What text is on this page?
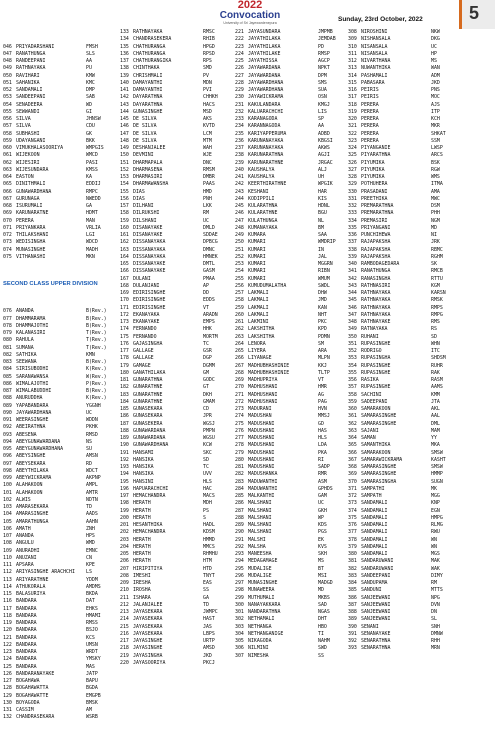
2022
Convocation
University of Sri Jayewardenepura	Sunday, 23rd October, 2022	5

046 PRIYADARSHANI	FMSH
047 RANATHUNGA	SLS
048 RANDEEPANI	AA
049 RATHNAYAKA	PU
050 RAVIHARI	KMW
051 SAHANIKA	KMC
052 SANDAMALI	DMP
053 SANDEEPANI	SAB
054 SENADEERA	WD
055 SEWWANDI	GI
056 SILVA	JHNSW
057 SILVA	CDU
058 SUBHASHI	GK
059 UDAYANGANI	BKK
060 VIMUKHALASOORIYA	WMPGIS
061 WIJEKOON	WMCD
062 WIJESIRI	PASI
063 WIJESUNDARA	KMSS
064 EASTON	KA
065 DINITHMALI	EDDIJ
066 GUNAWARDHANA	RMPC
067 GURUNAGA	NWEDD
068 ISURUMALI	GA
069 KARUNARATNE	HDMT
070 PERERA	MAN
071 PRIYANKARA	VRLIA
072 THILAKSHANI	LGI
073 WEDISINGHA	WDCD
074 MUNASINGHE	MADH
075 VITHANASHI	MKN

SECOND CLASS UPPER DIVISION

076 ANANDA	B(Rev.)
077 DHAMMARAMA	B(Rev.)
078 DHAMMAJOTHI	B(Rev.)
079 KALANASIRI	T(Rev.)
080 RAHULA	T(Rev.)
081 SUMANA	T(Rev.)
082 SATHIKA	KMN
083 SEEWANA	B(Rev.)
084 SIRISUBODHI	K(Rev.)
085 SARANAWANSA	W(Rev.)
086 WIMALAJOTHI	P(Rev.)
087 WIMALABUDDHI	B(Rev.)
088 ANURUDDHA	K(Rev.)
089 YAPABANDARA	YGGNH
090 JAYAWARDHANA	UC
091 WEERASINGHE	WDDN
092 ABEIRATHNA	PKHK
093 ABESENA	RMSD
094 ABEYGUNAWARDANA	NS
095 ABEYGUNAWARDHANA	SU
096 ABEYSINGHE	AMSN
097 ABEYSEKARA	RD
098 ABEYTHILAKA	WDCT
099 ABEYWICKRAMA	AKPNP
100 ALAHAKOON	AMPL
101 ALAHAKOON	AMTR
102 ALWIS	NDTN
103 AMARASEKARA	TD
104 AMARASINGHE	AADS
105 AMARATHUNGA	AAHN
106 AMATH	ZNH
107 ANANDA	HPS
108 ANGULU	WMD
109 ANURADHI	EMNC
110 ANUZANI	CN
111 APSARA	KPE
112 ARIYASINGHE ARACHCHI LS
113 ARIYARATHNE	YDDM
114 ATHUKORALA	AMDMS
115 BALASURIYA	BKDA
116 BANDARA	DAT
117 BANDARA	EHKS
118 BANDARA	HMAMI
119 BANDARA	RMSS
120 BANDARA	BSJO
121 BANDARA	KCS
122 BANDARA	UMSN
123 BANDARA	WRDT
124 BANDARA	YMSKY
125 BANDARA	MAS
126 BANDARANAYAKE	JATP
127 BOGAHAWA	BAPU
128 BOGAHAWATTA	BGDA
129 BOGAHAWATTE	EMGPB
130 BOYAGODA	BMSK
131 CASSIM	AM
132 CHANDRASEKARA	WSRB

133 RATHNAYAKA	RMSC
134 CHANDRASEKERA	RHIB
135 CHATHURANGA	HPGD
136 CHATHURANGA	RPSD
137 CHATHURANGIKA	RPS
138 CHINTHAKA	SMD
139 CHRISHMALI	PV
140 DAMAYANTHI	MDN
141 DAMAYANTHI	PVI
142 DAYARATHNA	CHHKH
143 DAYARATHNA	HACS
144 GUNASINGHE	MSD
145 DE SILVA	AKS
146 DE SILVA	KVTD
147 DE SILVA	LCM
148 DE SILVA	MTM
149 DESHANJALEE	WAH
150 DEVMINI	WJE
151 DHARMAPALA	DNC
152 DHARMASENA	RMSM
153 DHARMASIRI	DMBR
154 DHARMAWANSHA	PAAS
155 DIAS	HMD
156 DIAS	PNH
157 DILHANI	LKK
158 DILRUKSHI	RM
159 DILSHANI	UC
160 DISANAYAKE	DMLD
161 DISANAYAKE	SDDAE
162 DISSANAYAKA	DPBCG
163 DISSANAYAKA	DMNC
164 DISSANAYAKA	HMNEK
165 DISSANAYAKE	DMTL
166 DISSANAYAKE	GASM
167 DULANI	PMAA
168 DULANJANI	AP
169 EDIRISINGHE	DD
170 EDIRISINGHE	EDDS
171 EDIRISINGHE	VT
172 EKANAYAKA	ARADN
173 EKANAYAKE	EMPS
174 FERNANDO	HHK
175 FERNANDO	MORTM
176 GAJASINGHA	TC
177 GALLAGE	GSR
178 GALLAGE	DGP
179 GAMAGE	DGMM
180 GANATHILAKA	GM
181 GUNARATHNA	GODC
182 GUNARATHNE	GT
183 GUNARATHNE	DKH
184 GUNARATHNE	GMAM
185 GUNASEKARA	CD
186 GUNASEKARA	JPR
187 GUNASEKERA	WGSJ
188 GUNAWARDANA	PMPN
189 GUNAWARDANA	WGSU
190 GUNAWARDHANA	KCW
191 HANSAMI	SKC
192 HANSIKA	SD
193 HANSIKA	TC
194 HANSIKA	UVV
195 HANSINI	HLS
196 HAPUARACHCHI	HAC
197 HEMACHANDRA	MACS
198 HERATH	MDH
199 HERATH	PS
200 HERATH	S
201 HESANTHIKA	HADL
202 HEMACHANDRA	KDSM
203 HERATH	HMMD
204 HERATH	MMCS
205 HERATH	RHMHU
206 HERATH	HTM
207 HIRIPITIYA	HTD
208 IMESHI	TNYT
209 IRESHA	EAS
210 IROSHA	SS
211 ISHARA	GA
212 JALANJALEE	TD
213 JAYASEKARA	JWMPC
214 JAYASEKARA	HAST
215 JAYASEKARA	JAS
216 JAYASEKARA	LBPS
217 JAYASINGHE	URTP
218 JAYASINGHE	AMSD
219 JAYASINGHA	JKD
220 JAYASOORIYA	PKCJ
221 JAYASUNDARA	JMPMB
222 JAYATHILAKA	JEMDAB
223 JAYATHILAKA	PD
224 JAYATHILAKE	RMSP
225 JAYATHISSA	AGCP
226 JAYAWARDANA	NPKT
227 JAYAWARDANA	DPM
228 JAYAWARDHANA	SMS
229 JAYAWARDHANA	SUA
230 JAYAWICKRAMA	OSN
231 KAKULANDARA	KMGJ
232 KALUARACHCHI	LIS
233 KARANAGODA	SP
234 KARANNAGODA	AA
235 KARIYAPPERUMA	ADBD
236 KARUNANAYAKA	KBGSI
237 KARUNANAYAKA	AKWS
238 KARUNARATHNA	AGJI
239 KARUNARATHNE	JRGAC
240 KAUSHALYA	ALJ
241 KAUSHALYA	UH
242 KEERTHIRATHNE	WPGIK
243 KESHANI	HAR
244 KODIPPILI	KIS
245 KULARATHNA	HDNL
246 KULARATHNE	BGU
247 KULATHUNGA	NL
248 KUMANAYAKA	BM
249 KUMARA	SAA
250 KUMARI	WMDRIP
251 KUMARI	IN
252 KUMARI	JAL
253 KUMARI	MGGRN
254 KUMARI	RIBN
255 KUMARI	WMUM
256 KUMUDUMALATHA	SWDL
257 LAKMALI	DHW
258 LAKMALI	JMD
259 LAKMALI	KAN
260 LAKMALI	NHT
261 LAKMINI	PKC
262 LAKSHITHA	KPD
263 LAKSHITHA	PDMN
264 LENORA	SM
265 LIYERA	ARA
266 LIYANAGE	MLPN
267 MADHUBHASHINIE	KKJ
268 MADHUBHASHINIE	TLTP
269 MADHUPRIYA	VT
270 MADHUSHANI	HMR
271 MADHUSHANI	AG
272 MADHUSHANI	PAG
273 MADURANI	HVN
274 MADUSHAN	MMSJ
275 MADUSHANI	GD
276 MADUSHANI	HAS
277 MADUSHANI	HLS
278 MADUSHANI	LDA
279 MADUSHANI	PKA
280 MADUSHANI	RI
281 MADUSHANI	SADP
282 MADUSHANKA	RMR
283 MADUWANTHI	ASM
284 MADUWANTHI	GPHDS
285 MALKANTHI	GAM
286 MALSHANI	UC
287 MALSHANI	GKH
288 MALSHANI	WP
289 MALSHANI	KDS
290 MALSHANI	PGS
291 MALSHI	EK
292 MALSHA	KVS
293 MANEESHA	SKH
294 MEDAGAMAGE	MS
295 MUDALIGE	BT
296 MUDALIGE	MSI
297 MUNASINGHE	MADGD
298 MUNAWEERA	MD
299 MUTHUMALI	MKBS
300 NANAYAKKARA	SAD
301 NANDARATHNA	NGAS
302 NETHAMALI	DHT
303 NETHANGA	HBO
304 NETHANGANIGE	TI
305 NIKAGODA	NAHM
306 NILMINI	SWD
307 NIMESHA	SS
308 NIROSHINI	NKW
309 NISHANSALA	DKG
310 NISANSALA	UC
311 NISANSALA	HP
312 NIVARTHANA	MS
313 NUWANTHIKA	WAN
314 PASHAMALI	ADM
315 PABASARA	JKD
316 PEIRIS	PNS
317 PEIRIS	MOC
318 PERERA	AJS
319 PERERA	ITP
320 PERERA	KCH
321 PERERA	MKR
322 PERERA	SHKAT
323 PERERA	SSM
324 PIYANGANIE	LWSP
325 PIYARATHNA	ARCS
326 PIYUMIKA	BSK
327 PIYUMIKA	RGW
328 PIYUMIKA	WMS
329 POTHUHERA	ITMA
330 PRASADANI	AMA
331 PREETHIKA	MWC
332 PREMARATHNA	DSM
333 PREMARATHNA	PHH
334 PREMASIRI	NGM
335 PRIYANGANI	MD
336 PUNCHIHEWA	NI
337 RAJAPAKSHA	JRK
338 RAJAPAKSHA	RBMC
339 RAJAPAKSHA	RGHM
340 RAMBODAGEDARA	SK
341 RANATHUNGA	RMCB
342 RANASINGHA	RTTU
343 RATHNASIRI	KGM
344 RATHNAYAKA	KARSN
345 RATHNAYAKA	RMSK
346 RATHNAYAKA	RMPS
347 RATHNAYAKA	RMPG
348 RATHNAYAKE	RMS
349 RATNAYAKA	RS
350 RUHANI	SD
351 RUPASINGHE	WHN
352 RODRIGO	ITC
353 RUPASINGHA	SHDSM
354 RUPASINGHE	RUHR
355 RUPASINGHE	RAK
356 RASIKA	RASM
357 RUPASINGHE	AAMS
358 SACHINI	KMM
359 SADEEPANI	JTA
360 SAMARAKOON	AKL
361 SAMARASINGHE	AAL
362 SAMARASINGHE	DML
363 SAJANI	MAM
364 SAMAN	YY
365 SAMANTHIKA	MKA
366 SAMARAKOON	SMSW
367 SAMARAWICKRAMA	KASHT
368 SAMARASINGHE	SMSW
369 SAMARASINGHE	HMMP
370 SAMARASINGHA	SUGN
371 SAMPATHI	MK
372 SAMPATH	MGG
373 SANDAMALI	KNP
374 SANDAMALI	EGN
375 SANDAMALI	HMPG
376 SANDAMALI	RLMG
377 SANDAMALI	RWU
378 SANDAMALI	WN
379 SANDAMALI	WN
380 SANDAMALI	MGS
381 SANDARUWANI	MAK
382 SANDARUWANI	WAK
383 SANDEEPANI	DIMY
384 SANDUPAMA	RM
385 SANDUNI	MTTS
386 SANJEEWANI	NPG
387 SANJEEWANI	DVN
388 SANJEEWANI	DN
389 SANJEEWANI	SL
390 SENANI	SNH
391 SENANAYAKE	DMNW
392 SENARATHNA	RHH
393 SENARATHNA	MRN
